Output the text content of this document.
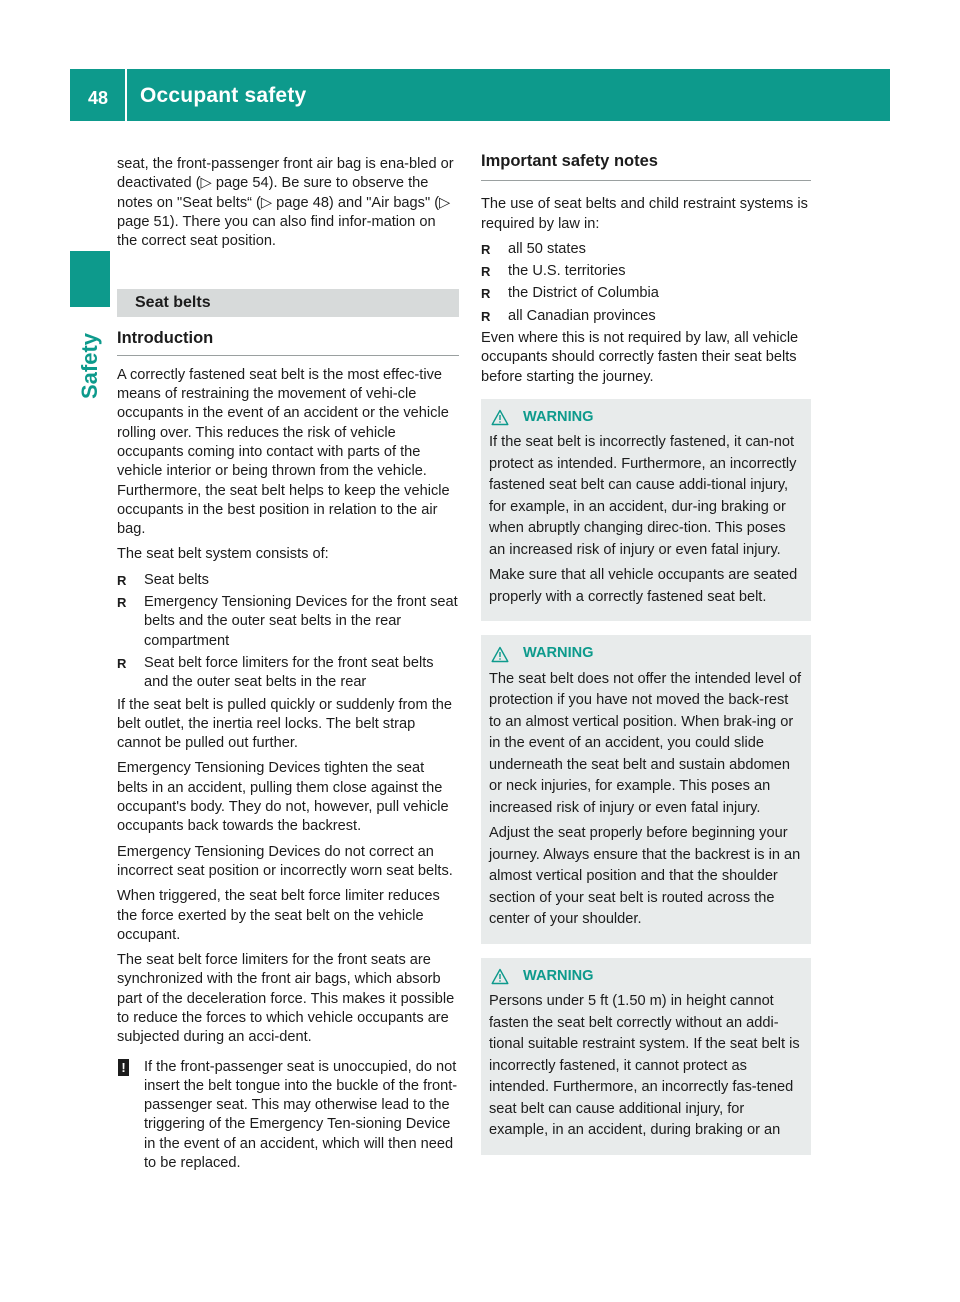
48	Occupant safety
Safety

seat, the front-passenger front air bag is ena-bled or deactivated (▷ page 54). Be sure to observe the notes on "Seat belts“ (▷ page 48) and "Air bags" (▷ page 51). There you can also find infor-mation on the correct seat position.

Seat belts
Introduction

A correctly fastened seat belt is the most effec-tive means of restraining the movement of vehi-cle occupants in the event of an accident or the vehicle rolling over. This reduces the risk of vehicle occupants coming into contact with parts of the vehicle interior or being thrown from the vehicle. Furthermore, the seat belt helps to keep the vehicle occupants in the best position in relation to the air bag.

The seat belt system consists of:

R Seat belts
R Emergency Tensioning Devices for the front seat belts and the outer seat belts in the rear compartment
R Seat belt force limiters for the front seat belts and the outer seat belts in the rear

If the seat belt is pulled quickly or suddenly from the belt outlet, the inertia reel locks. The belt strap cannot be pulled out further.

Emergency Tensioning Devices tighten the seat belts in an accident, pulling them close against the occupant's body. They do not, however, pull vehicle occupants back towards the backrest.

Emergency Tensioning Devices do not correct an incorrect seat position or incorrectly worn seat belts.

When triggered, the seat belt force limiter reduces the force exerted by the seat belt on the vehicle occupant.

The seat belt force limiters for the front seats are synchronized with the front air bags, which absorb part of the deceleration force. This makes it possible to reduce the forces to which vehicle occupants are subjected during an acci-dent.

! If the front-passenger seat is unoccupied, do not insert the belt tongue into the buckle of the front-passenger seat. This may otherwise lead to the triggering of the Emergency Ten-sioning Device in the event of an accident, which will then need to be replaced.
Important safety notes

The use of seat belts and child restraint systems is required by law in:

R all 50 states
R the U.S. territories
R the District of Columbia
R all Canadian provinces

Even where this is not required by law, all vehicle occupants should correctly fasten their seat belts before starting the journey.

WARNING

If the seat belt is incorrectly fastened, it can-not protect as intended. Furthermore, an incorrectly fastened seat belt can cause addi-tional injury, for example, in an accident, dur-ing braking or when abruptly changing direc-tion. This poses an increased risk of injury or even fatal injury.

Make sure that all vehicle occupants are seated properly with a correctly fastened seat belt.

WARNING

The seat belt does not offer the intended level of protection if you have not moved the back-rest to an almost vertical position. When brak-ing or in the event of an accident, you could slide underneath the seat belt and sustain abdomen or neck injuries, for example. This poses an increased risk of injury or even fatal injury.

Adjust the seat properly before beginning your journey. Always ensure that the backrest is in an almost vertical position and that the shoulder section of your seat belt is routed across the center of your shoulder.

WARNING

Persons under 5 ft (1.50 m) in height cannot fasten the seat belt correctly without an addi-tional suitable restraint system. If the seat belt is incorrectly fastened, it cannot protect as intended. Furthermore, an incorrectly fas-tened seat belt can cause additional injury, for example, in an accident, during braking or an
